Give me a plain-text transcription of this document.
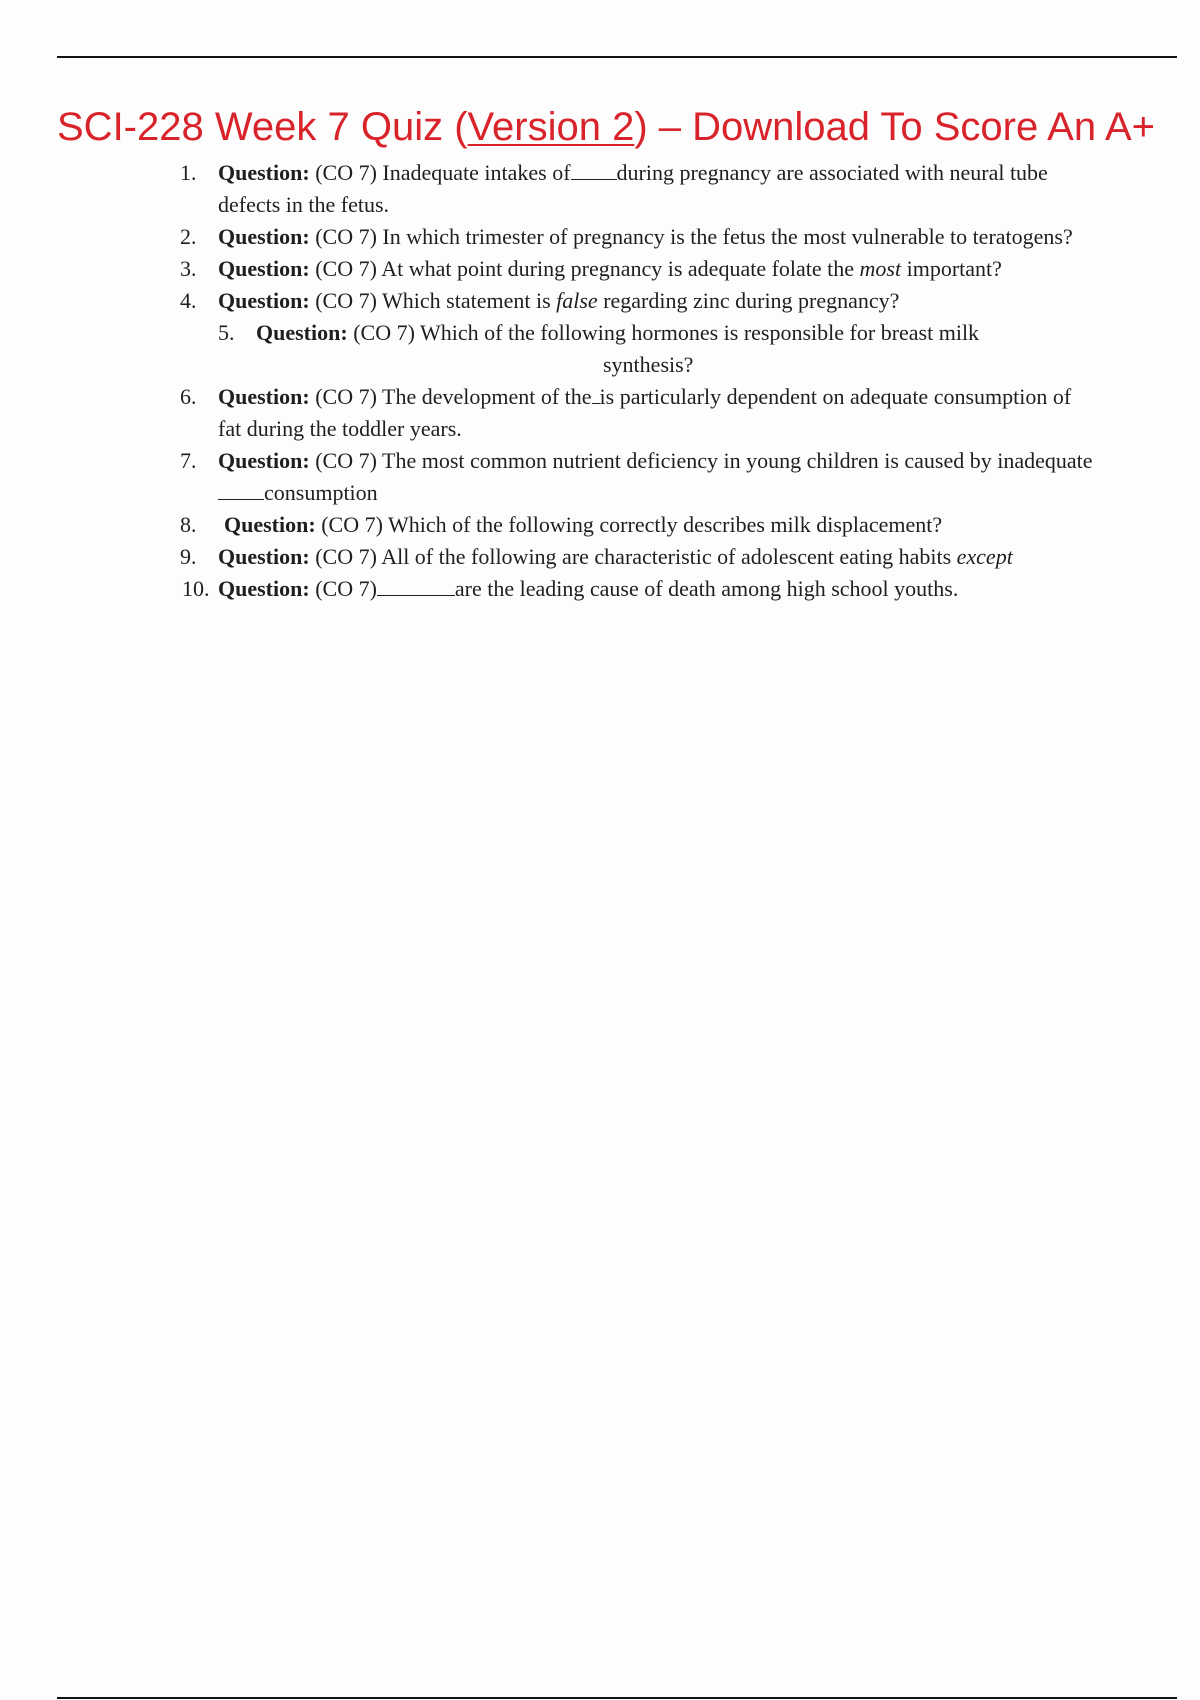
SCI-228 Week 7 Quiz (Version 2) – Download To Score An A+
1. Question: (CO 7) Inadequate intakes of during pregnancy are associated with neural tube defects in the fetus.
2. Question: (CO 7) In which trimester of pregnancy is the fetus the most vulnerable to teratogens?
3. Question: (CO 7) At what point during pregnancy is adequate folate the most important?
4. Question: (CO 7) Which statement is false regarding zinc during pregnancy?
5. Question: (CO 7) Which of the following hormones is responsible for breast milk
synthesis?
6. Question: (CO 7) The development of the is particularly dependent on adequate consumption of fat during the toddler years.
7. Question: (CO 7) The most common nutrient deficiency in young children is caused by inadequateconsumption
8. Question: (CO 7) Which of the following correctly describes milk displacement?
9. Question: (CO 7) All of the following are characteristic of adolescent eating habits except
10. Question: (CO 7)	are the leading cause of death among high school youths.
